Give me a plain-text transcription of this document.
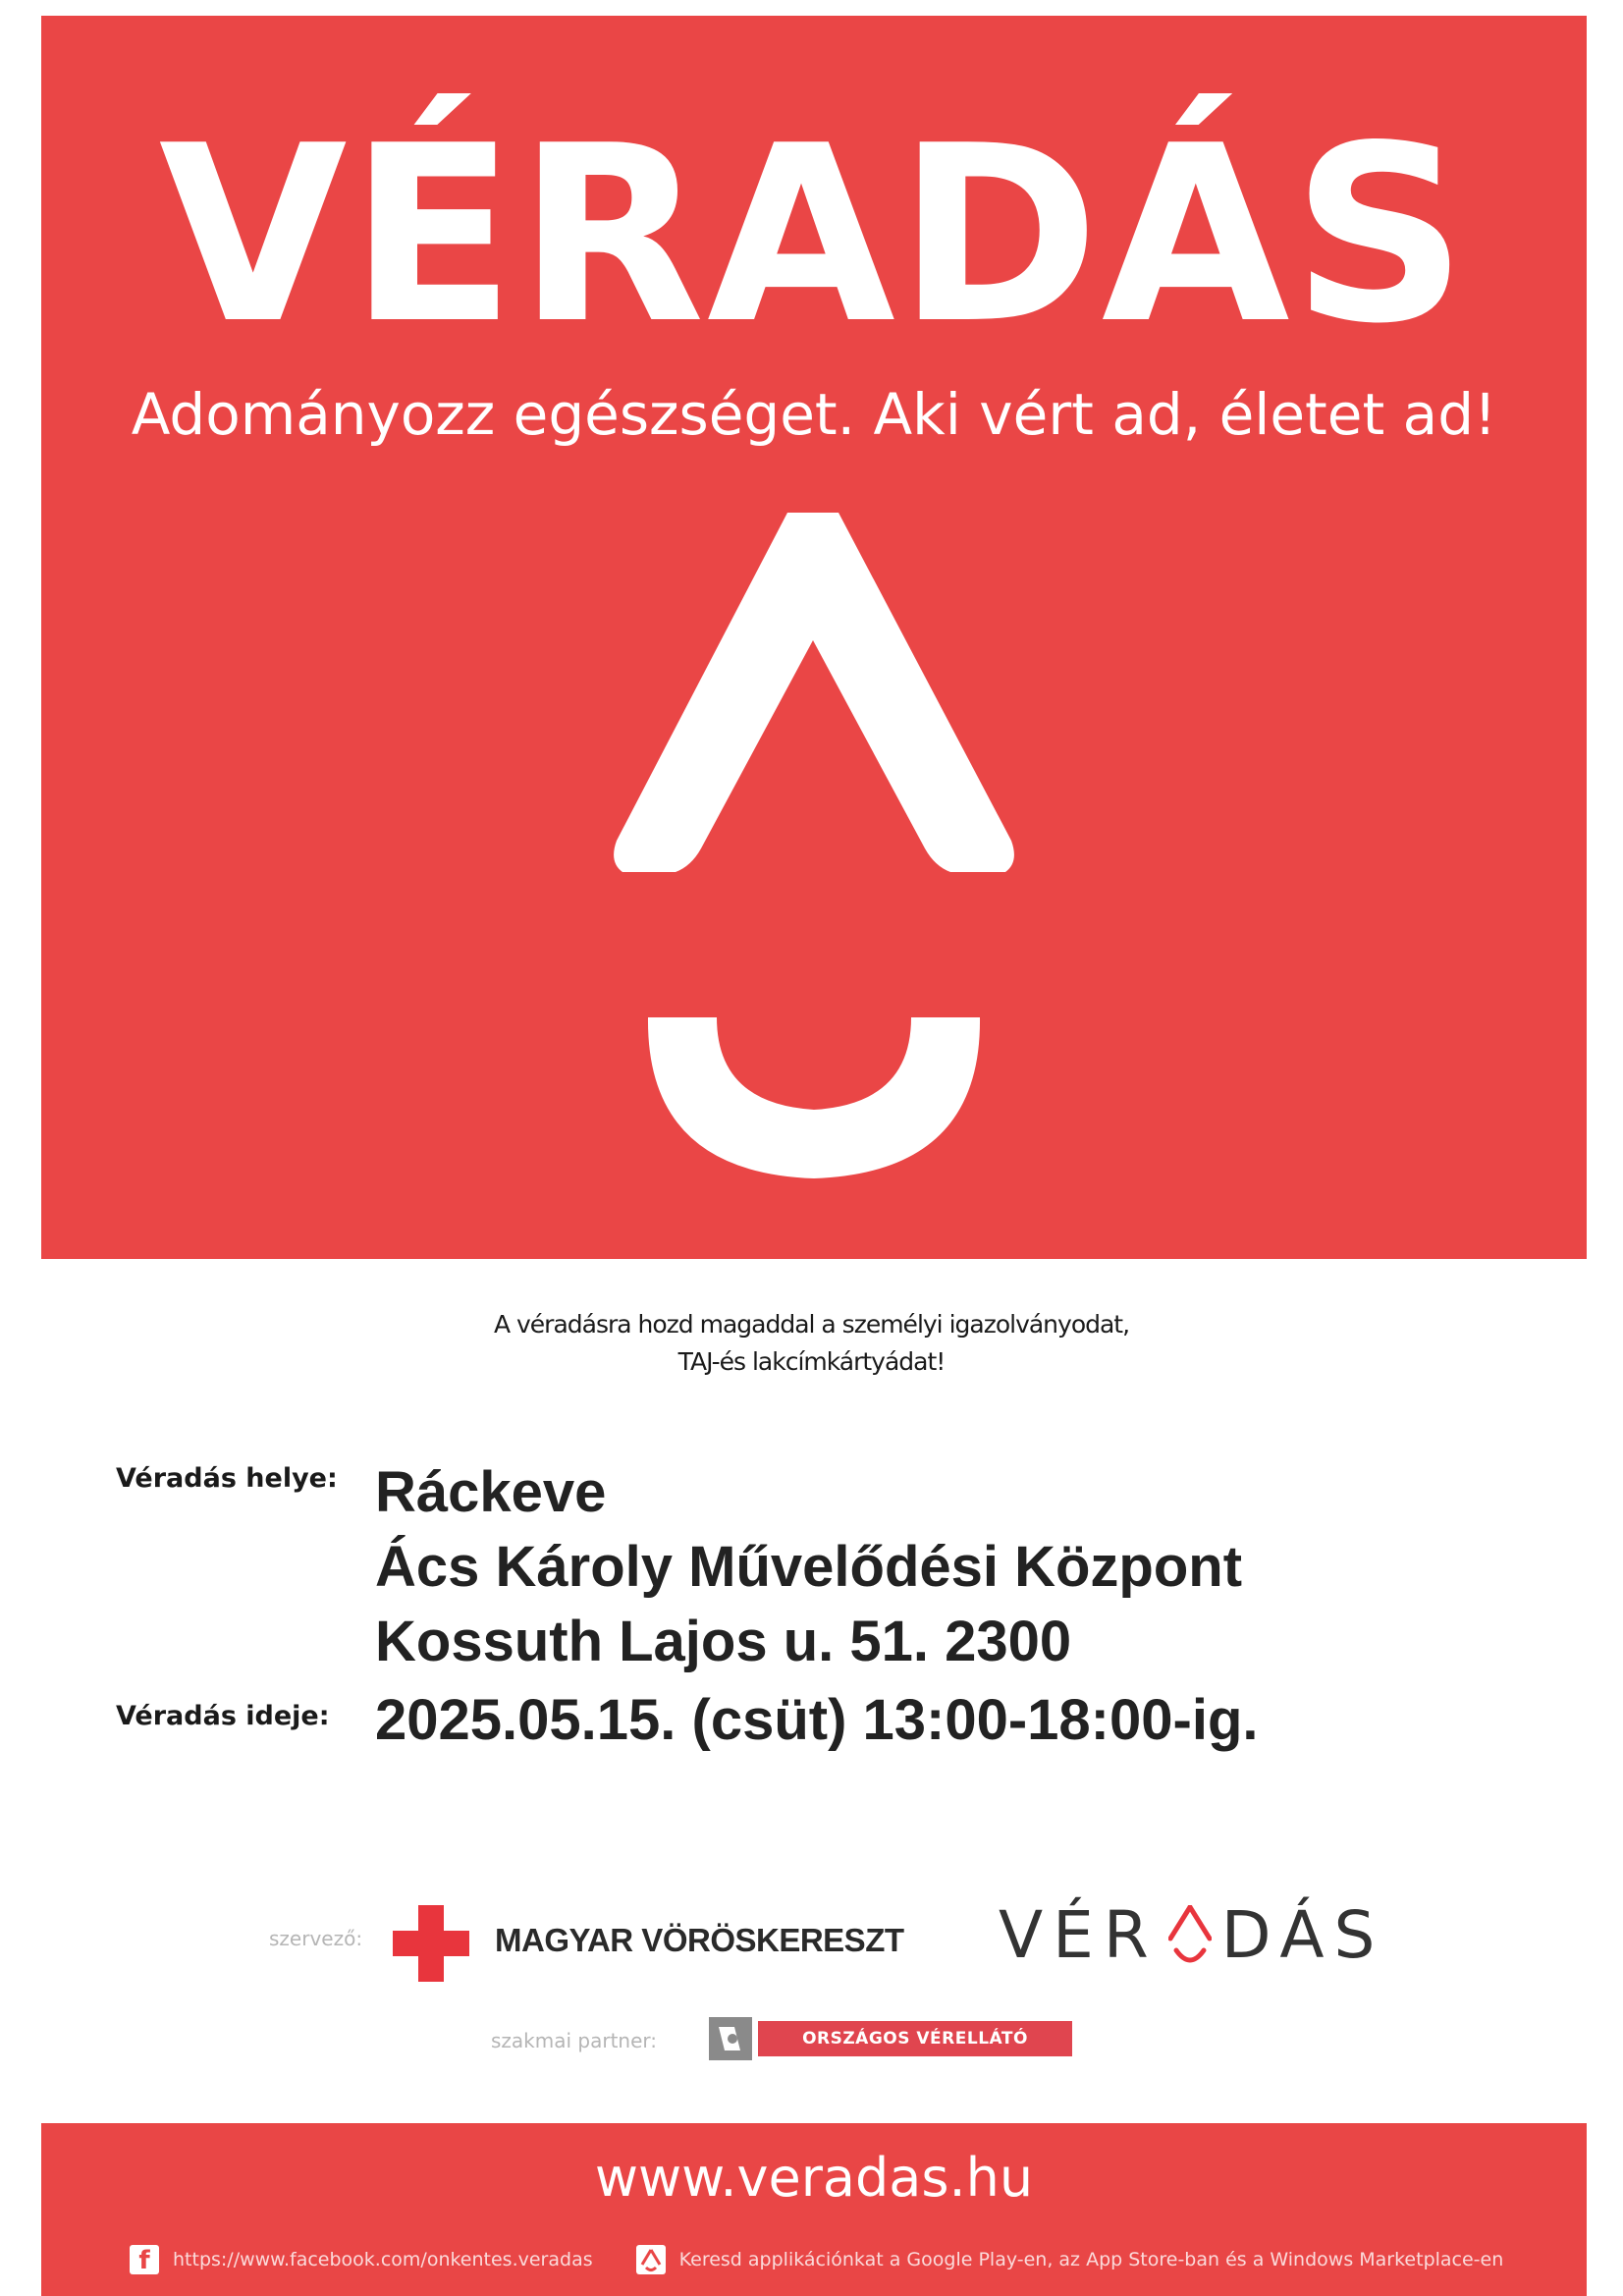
VÉRADÁS
Adományozz egészséget. Aki vért ad, életet ad!
A véradásra hozd magaddal a személyi igazolványodat,
TAJ-és lakcímkártyádat!
Véradás helye: Ráckeve
Ács Károly Művelődési Központ
Kossuth Lajos u. 51. 2300
Véradás ideje: 2025.05.15. (csüt) 13:00-18:00-ig.
szervező:	MAGYAR VÖRÖSKERESZT VÉR DÁS
szakmai partner:	ORSZÁGOS VÉRELLÁTÓ SZOLGÁLAT
www.veradas.hu
f https://www.facebook.com/onkentes.veradas	Keresd applikációnkat a Google Play-en, az App Store-ban és a Windows Marketplace-en
